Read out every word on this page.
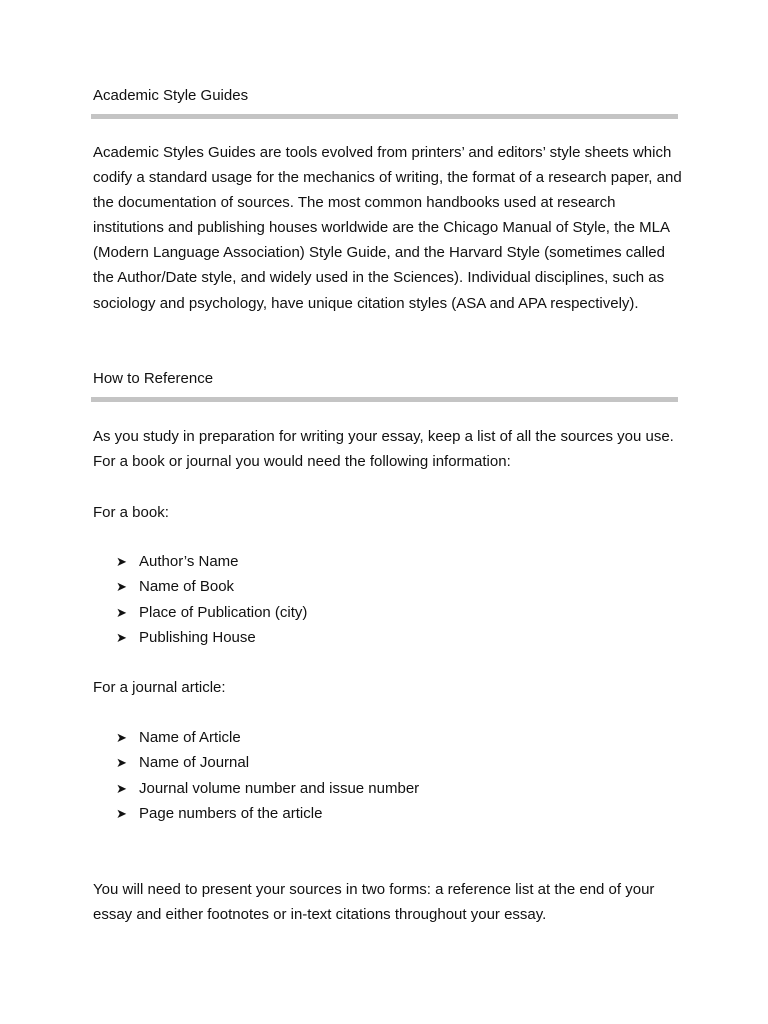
Academic Style Guides

Academic Styles Guides are tools evolved from printers’ and editors’ style sheets which codify a standard usage for the mechanics of writing, the format of a research paper, and the documentation of sources. The most common handbooks used at research institutions and publishing houses worldwide are the Chicago Manual of Style, the MLA (Modern Language Association) Style Guide, and the Harvard Style (sometimes called the Author/Date style, and widely used in the Sciences). Individual disciplines, such as sociology and psychology, have unique citation styles (ASA and APA respectively).

How to Reference

As you study in preparation for writing your essay, keep a list of all the sources you use. For a book or journal you would need the following information:

For a book:

➤ Author’s Name
➤ Name of Book
➤ Place of Publication (city)
➤ Publishing House

For a journal article:

➤ Name of Article
➤ Name of Journal
➤ Journal volume number and issue number
➤ Page numbers of the article

You will need to present your sources in two forms: a reference list at the end of your essay and either footnotes or in-text citations throughout your essay.
